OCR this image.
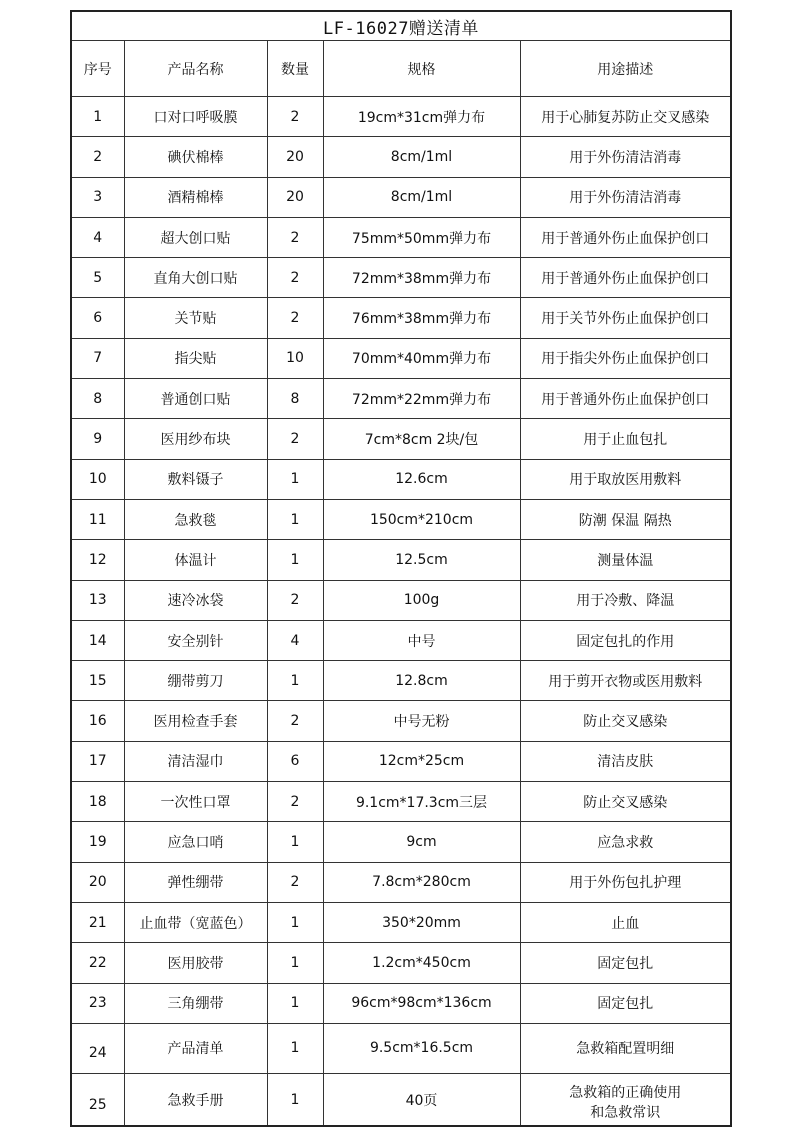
LF-16027赠送清单				
序号	产品名称	数量	规格	用途描述
1	口对口呼吸膜	2	19cm*31cm弹力布	用于心肺复苏防止交叉感染
2	碘伏棉棒	20	8cm/1ml	用于外伤清洁消毒
3	酒精棉棒	20	8cm/1ml	用于外伤清洁消毒
4	超大创口贴	2	75mm*50mm弹力布	用于普通外伤止血保护创口
5	直角大创口贴	2	72mm*38mm弹力布	用于普通外伤止血保护创口
6	关节贴	2	76mm*38mm弹力布	用于关节外伤止血保护创口
7	指尖贴	10	70mm*40mm弹力布	用于指尖外伤止血保护创口
8	普通创口贴	8	72mm*22mm弹力布	用于普通外伤止血保护创口
9	医用纱布块	2	7cm*8cm 2块/包	用于止血包扎
10	敷料镊子	1	12.6cm	用于取放医用敷料
11	急救毯	1	150cm*210cm	防潮 保温 隔热
12	体温计	1	12.5cm	测量体温
13	速冷冰袋	2	100g	用于冷敷、降温
14	安全别针	4	中号	固定包扎的作用
15	绷带剪刀	1	12.8cm	用于剪开衣物或医用敷料
16	医用检查手套	2	中号无粉	防止交叉感染
17	清洁湿巾	6	12cm*25cm	清洁皮肤
18	一次性口罩	2	9.1cm*17.3cm三层	防止交叉感染
19	应急口哨	1	9cm	应急求救
20	弹性绷带	2	7.8cm*280cm	用于外伤包扎护理
21	止血带（宽蓝色）	1	350*20mm	止血
22	医用胶带	1	1.2cm*450cm	固定包扎
23	三角绷带	1	96cm*98cm*136cm	固定包扎
24	产品清单	1	9.5cm*16.5cm	急救箱配置明细
25	急救手册	1	40页	急救箱的正确使用
和急救常识
